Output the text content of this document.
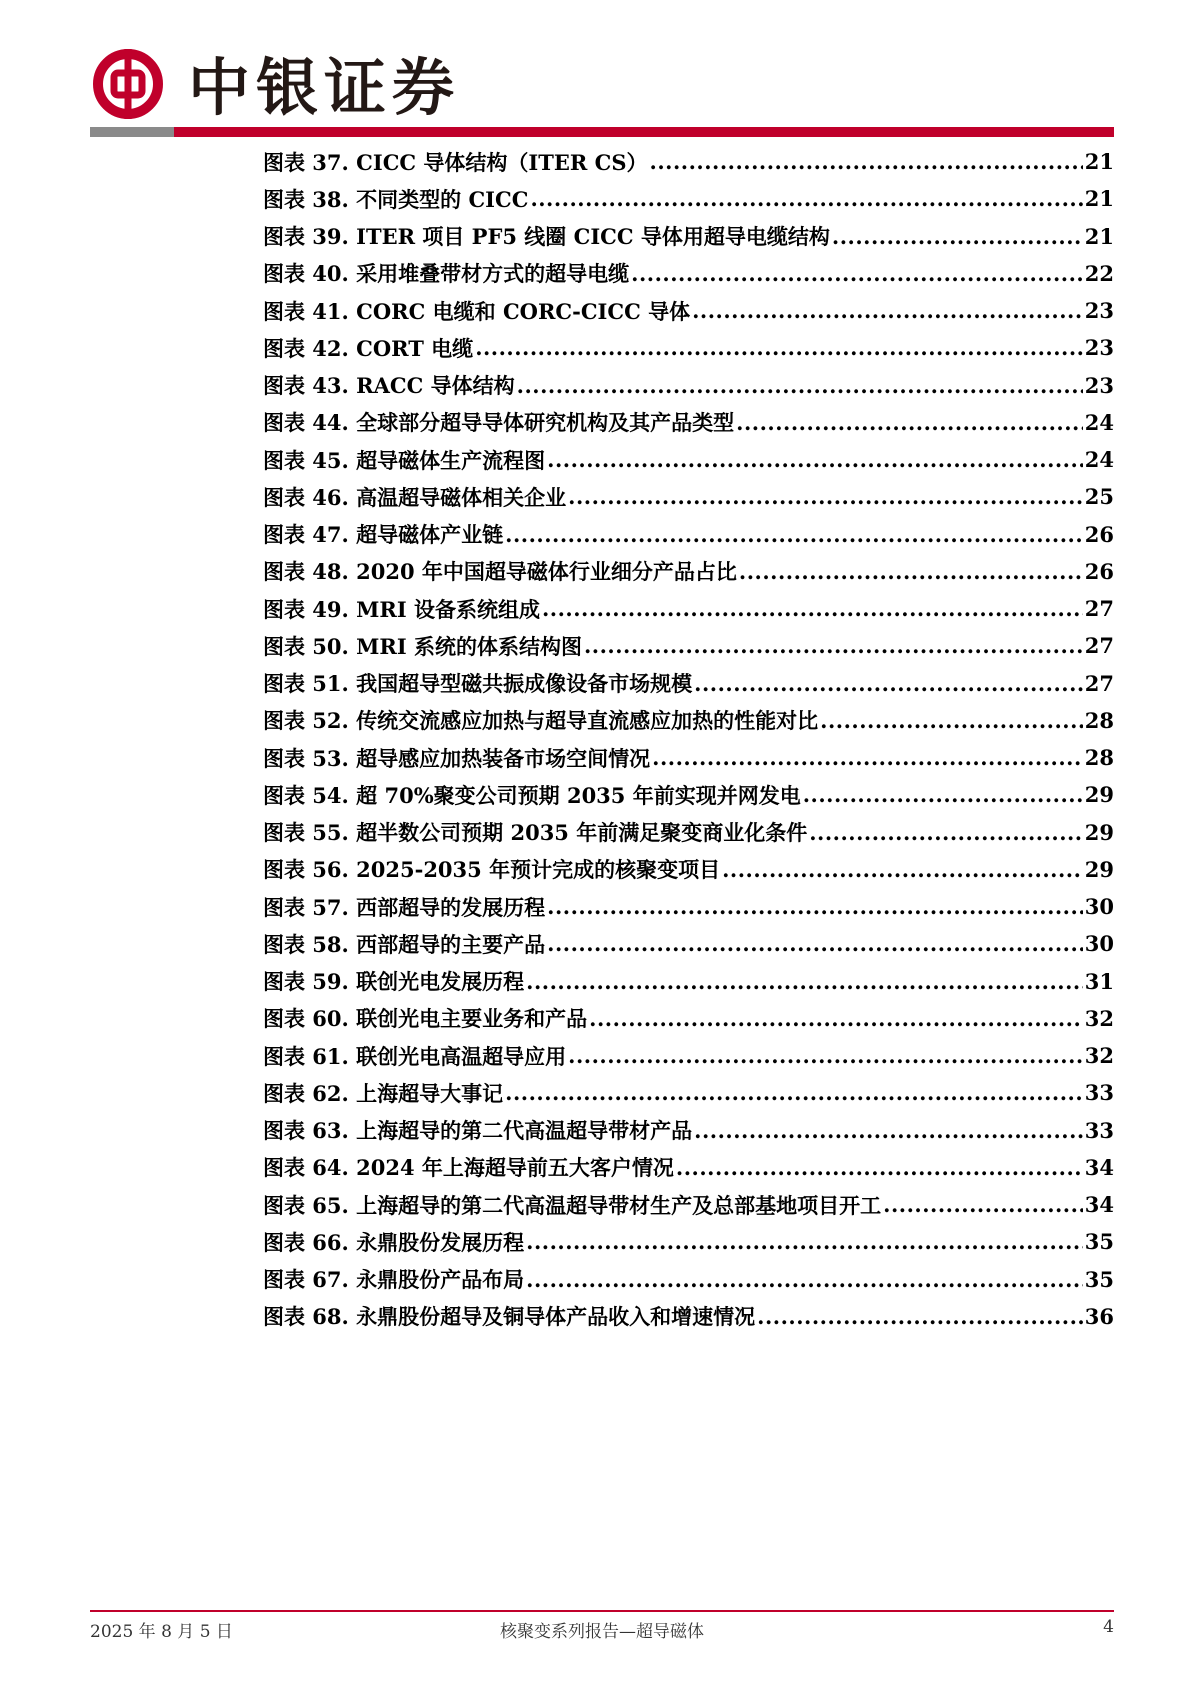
中银证券
图表 37. CICC 导体结构（ITER CS） .....	21
图表 38. 不同类型的 CICC .....	21
图表 39. ITER 项目 PF5 线圈 CICC 导体用超导电缆结构 .....	21
图表 40. 采用堆叠带材方式的超导电缆 .....	22
图表 41. CORC 电缆和 CORC-CICC 导体 .....	23
图表 42. CORT 电缆 .....	23
图表 43. RACC 导体结构 .....	23
图表 44. 全球部分超导导体研究机构及其产品类型 .....	24
图表 45. 超导磁体生产流程图 .....	24
图表 46. 高温超导磁体相关企业 .....	25
图表 47. 超导磁体产业链 .....	26
图表 48. 2020 年中国超导磁体行业细分产品占比 .....	26
图表 49. MRI 设备系统组成 .....	27
图表 50. MRI 系统的体系结构图 .....	27
图表 51. 我国超导型磁共振成像设备市场规模 .....	27
图表 52. 传统交流感应加热与超导直流感应加热的性能对比 .....	28
图表 53. 超导感应加热装备市场空间情况 .....	28
图表 54. 超 70%聚变公司预期 2035 年前实现并网发电 .....	29
图表 55. 超半数公司预期 2035 年前满足聚变商业化条件 .....	29
图表 56. 2025-2035 年预计完成的核聚变项目 .....	29
图表 57. 西部超导的发展历程 .....	30
图表 58. 西部超导的主要产品 .....	30
图表 59. 联创光电发展历程 .....	31
图表 60. 联创光电主要业务和产品 .....	32
图表 61. 联创光电高温超导应用 .....	32
图表 62. 上海超导大事记 .....	33
图表 63. 上海超导的第二代高温超导带材产品 .....	33
图表 64. 2024 年上海超导前五大客户情况 .....	34
图表 65. 上海超导的第二代高温超导带材生产及总部基地项目开工 .....	34
图表 66. 永鼎股份发展历程 .....	35
图表 67. 永鼎股份产品布局 .....	35
图表 68. 永鼎股份超导及铜导体产品收入和增速情况 .....	36
2025 年 8 月 5 日	核聚变系列报告—超导磁体	4
